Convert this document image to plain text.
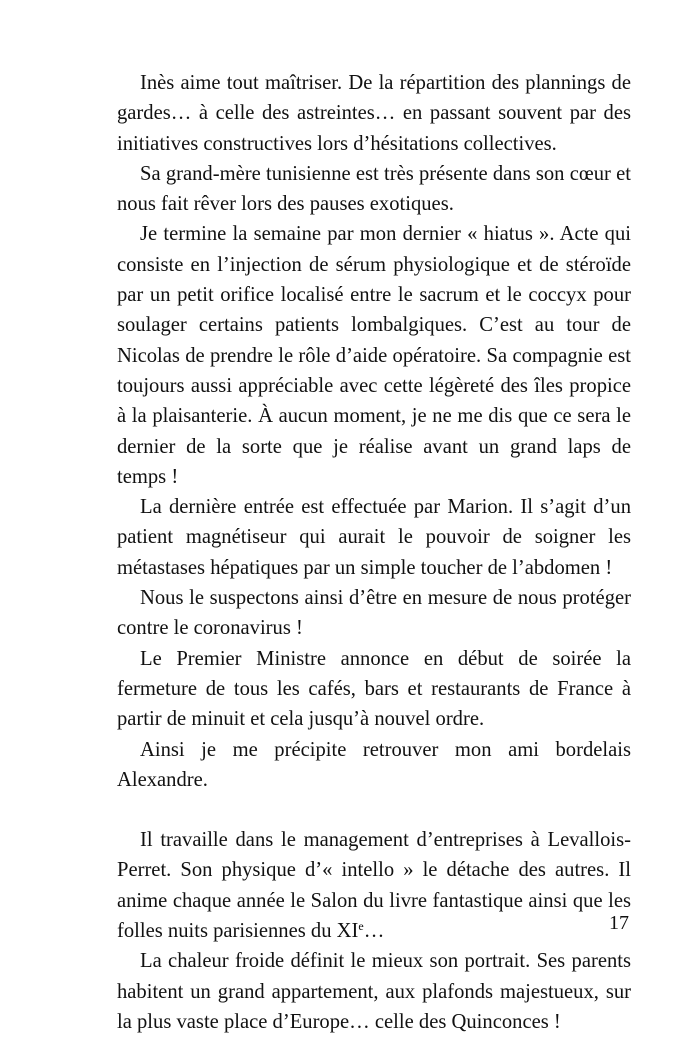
Inès aime tout maîtriser. De la répartition des plannings de gardes… à celle des astreintes… en passant souvent par des initiatives constructives lors d’hésitations collectives.

Sa grand-mère tunisienne est très présente dans son cœur et nous fait rêver lors des pauses exotiques.

Je termine la semaine par mon dernier « hiatus ». Acte qui consiste en l’injection de sérum physiologique et de stéroïde par un petit orifice localisé entre le sacrum et le coccyx pour soulager certains patients lombalgiques. C’est au tour de Nicolas de prendre le rôle d’aide opératoire. Sa compagnie est toujours aussi appréciable avec cette légèreté des îles propice à la plaisanterie. À aucun moment, je ne me dis que ce sera le dernier de la sorte que je réalise avant un grand laps de temps !

La dernière entrée est effectuée par Marion. Il s’agit d’un patient magnétiseur qui aurait le pouvoir de soigner les métastases hépatiques par un simple toucher de l’abdomen !

Nous le suspectons ainsi d’être en mesure de nous protéger contre le coronavirus !

Le Premier Ministre annonce en début de soirée la fermeture de tous les cafés, bars et restaurants de France à partir de minuit et cela jusqu’à nouvel ordre.

Ainsi je me précipite retrouver mon ami bordelais Alexandre.

Il travaille dans le management d’entreprises à Levallois-Perret. Son physique d’« intello » le détache des autres. Il anime chaque année le Salon du livre fantastique ainsi que les folles nuits parisiennes du XIe…

La chaleur froide définit le mieux son portrait. Ses parents habitent un grand appartement, aux plafonds majestueux, sur la plus vaste place d’Europe… celle des Quinconces !

17
